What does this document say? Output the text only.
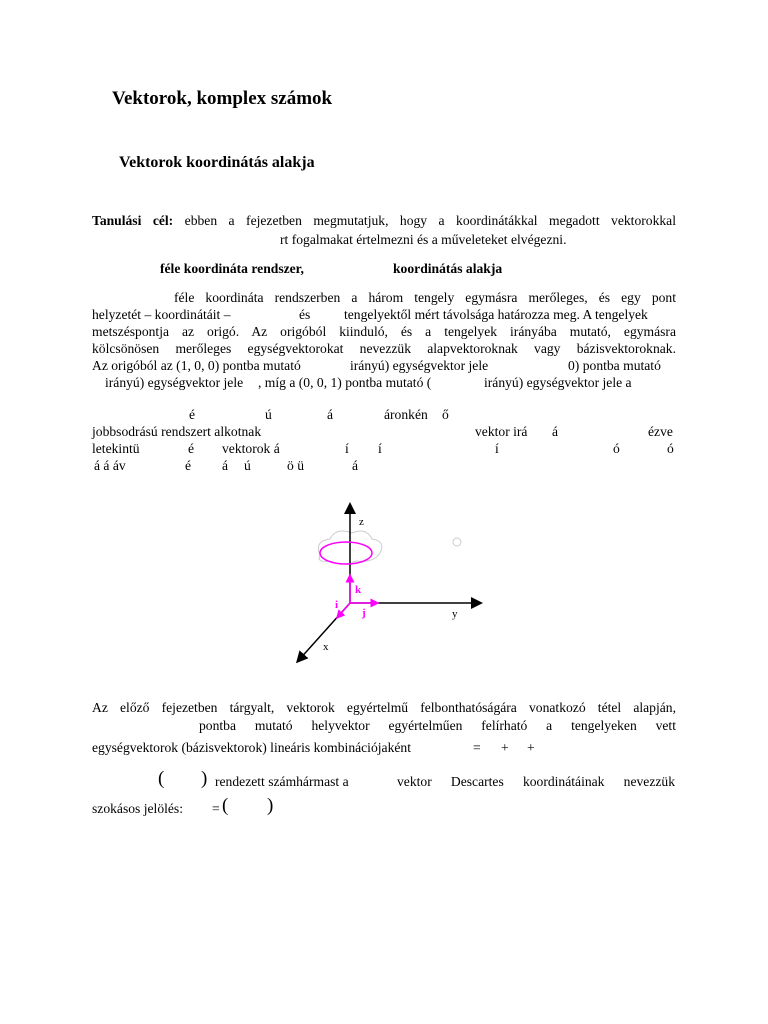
Vektorok, komplex számok
Vektorok koordinátás alakja
Tanulási cél: ebben a fejezetben megmutatjuk, hogy a koordinátákkal megadott vektorokkal
rt fogalmakat értelmezni és a műveleteket elvégezni.
féle koordináta rendszer,	koordinátás alakja
féle koordináta rendszerben a három tengely egymásra merőleges, és egy pont
helyzetét – koordinátáit –	és tengelyektől mért távolsága határozza meg. A tengelyek
metszéspontja az origó. Az origóból kiinduló, és a tengelyek irányába mutató, egymásra
kölcsönösen merőleges egységvektorokat nevezzük alapvektoroknak vagy bázisvektoroknak.
Az origóból az (1, 0, 0) pontba mutató	irányú) egységvektor jele	0) pontba mutató
irányú) egységvektor jele , míg a (0, 0, 1) pontba mutató (	irányú) egységvektor jele a
é	ú	á	áronkén ő
jobbsodrású rendszert alkotnak	vektor irá á	ézve
letekintü	é vektorok á	í í	í	ó	ó
á á áv	é á ú	ö ü	á
z
y
x
k
i
j
Az előző fejezetben tárgyalt, vektorok egyértelmű felbonthatóságára vonatkozó tétel alapján,
pontba mutató helyvektor egyértelműen felírható a tengelyeken vett
egységvektorok (bázisvektorok) lineáris kombinációjaként	= + +
( ) rendezett számhármast a	vektor Descartes koordinátáinak nevezzük
szokásos jelölés: = ( )
